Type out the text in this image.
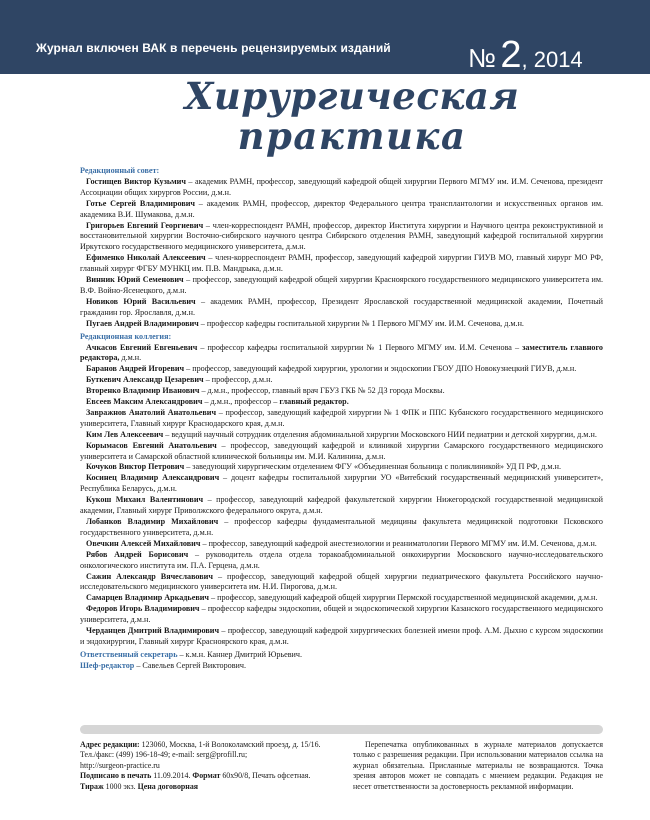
Журнал включен ВАК в перечень рецензируемых изданий	№ 2, 2014
Хирургическая
практика

Редакционный совет:

Гостищев Виктор Кузьмич – академик РАМН, профессор, заведующий кафедрой общей хирургии Первого МГМУ им. И.М. Сеченова, президент Ассоциации общих хирургов России, д.м.н.

Готье Сергей Владимирович – академик РАМН, профессор, директор Федерального центра трансплантологии и искусственных органов им. академика В.И. Шумакова, д.м.н.

Григорьев Евгений Георгиевич – член-корреспондент РАМН, профессор, директор Института хирургии и Научного центра реконструктивной и восстановительной хирургии Восточно-сибирского научного центра Сибирского отделения РАМН, заведующий кафедрой госпитальной хирургии Иркутского государственного медицинского университета, д.м.н.

Ефименко Николай Алексеевич – член-корреспондент РАМН, профессор, заведующий кафедрой хирургии ГИУВ МО, главный хирург МО РФ, главный хирург ФГБУ МУНКЦ им. П.В. Мандрыка, д.м.н.

Винник Юрий Семенович – профессор, заведующий кафедрой общей хирургии Красноярского государственного медицинского университета им. В.Ф. Войно-Ясенецкого, д.м.н.

Новиков Юрий Васильевич – академик РАМН, профессор, Президент Ярославской государственной медицинской академии, Почетный гражданин гор. Ярославля, д.м.н.

Пугаев Андрей Владимирович – профессор кафедры госпитальной хирургии № 1 Первого МГМУ им. И.М. Сеченова, д.м.н.

Редакционная коллегия:

Ачкасов Евгений Евгеньевич – профессор кафедры госпитальной хирургии № 1 Первого МГМУ им. И.М. Сеченова – заместитель главного редактора, д.м.н.

Баранов Андрей Игоревич – профессор, заведующий кафедрой хирургии, урологии и эндоскопии ГБОУ ДПО Новокузнецкий ГИУВ, д.м.н.

Буткевич Александр Цезаревич – профессор, д.м.н.

Вторенко Владимир Иванович – д.м.н., профессор, главный врач ГБУЗ ГКБ № 52 ДЗ города Москвы.

Евсеев Максим Александрович – д.м.н., профессор – главный редактор.

Завражнов Анатолий Анатольевич – профессор, заведующий кафедрой хирургии № 1 ФПК и ППС Кубанского государственного медицинского университета, Главный хирург Краснодарского края, д.м.н.

Ким Лев Алексеевич – ведущий научный сотрудник отделения абдоминальной хирургии Московского НИИ педиатрии и детской хирургии, д.м.н.

Корымасов Евгений Анатольевич – профессор, заведующий кафедрой и клиникой хирургии Самарского государственного медицинского университета и Самарской областной клинической больницы им. М.И. Калинина, д.м.н.

Кочуков Виктор Петрович – заведующий хирургическим отделением ФГУ «Объединенная больница с поликлиникой» УД П РФ, д.м.н.

Косинец Владимир Александрович – доцент кафедры госпитальной хирургии УО «Витебский государственный медицинский университет», Республика Беларусь, д.м.н.

Кукош Михаил Валентинович – профессор, заведующий кафедрой факультетской хирургии Нижегородской государственной медицинской академии, Главный хирург Приволжского федерального округа, д.м.н.

Лобанков Владимир Михайлович – профессор кафедры фундаментальной медицины факультета медицинской подготовки Псковского государственного университета, д.м.н.

Овечкин Алексей Михайлович – профессор, заведующий кафедрой анестезиологии и реаниматологии Первого МГМУ им. И.М. Сеченова, д.м.н.

Рябов Андрей Борисович – руководитель отдела отдела торакоабдоминальной онкохирургии Московского научно-исследовательского онкологического института им. П.А. Герцена, д.м.н.

Сажин Александр Вячеславович – профессор, заведующий кафедрой общей хирургии педиатрического факультета Российского научно-исследовательского медицинского университета им. Н.И. Пирогова, д.м.н.

Самарцев Владимир Аркадьевич – профессор, заведующий кафедрой общей хирургии Пермской государственной медицинской академии, д.м.н.

Федоров Игорь Владимирович – профессор кафедры эндоскопии, общей и эндоскопической хирургии Казанского государственного медицинского университета, д.м.н.

Черданцев Дмитрий Владимирович – профессор, заведующий кафедрой хирургических болезней имени проф. А.М. Дыхно с курсом эндоскопии и эндохирургии, Главный хирург Красноярского края, д.м.н.

Ответственный секретарь – к.м.н. Каннер Дмитрий Юрьевич.

Шеф-редактор – Савельев Сергей Викторович.

Адрес редакции: 123060, Москва, 1-й Волоколамский проезд, д. 15/16. Тел./факс: (499) 196-18-49; e-mail: serg@profill.ru;
http://surgeon-practice.ru
Подписано в печать 11.09.2014. Формат 60х90/8, Печать офсетная.
Тираж 1000 экз. Цена договорная
Перепечатка опубликованных в журнале материалов допускается только с разрешения редакции. При использовании материалов ссылка на журнал обязательна. Присланные материалы не возвращаются. Точка зрения авторов может не совпадать с мнением редакции. Редакция не несет ответственности за достоверность рекламной информации.
